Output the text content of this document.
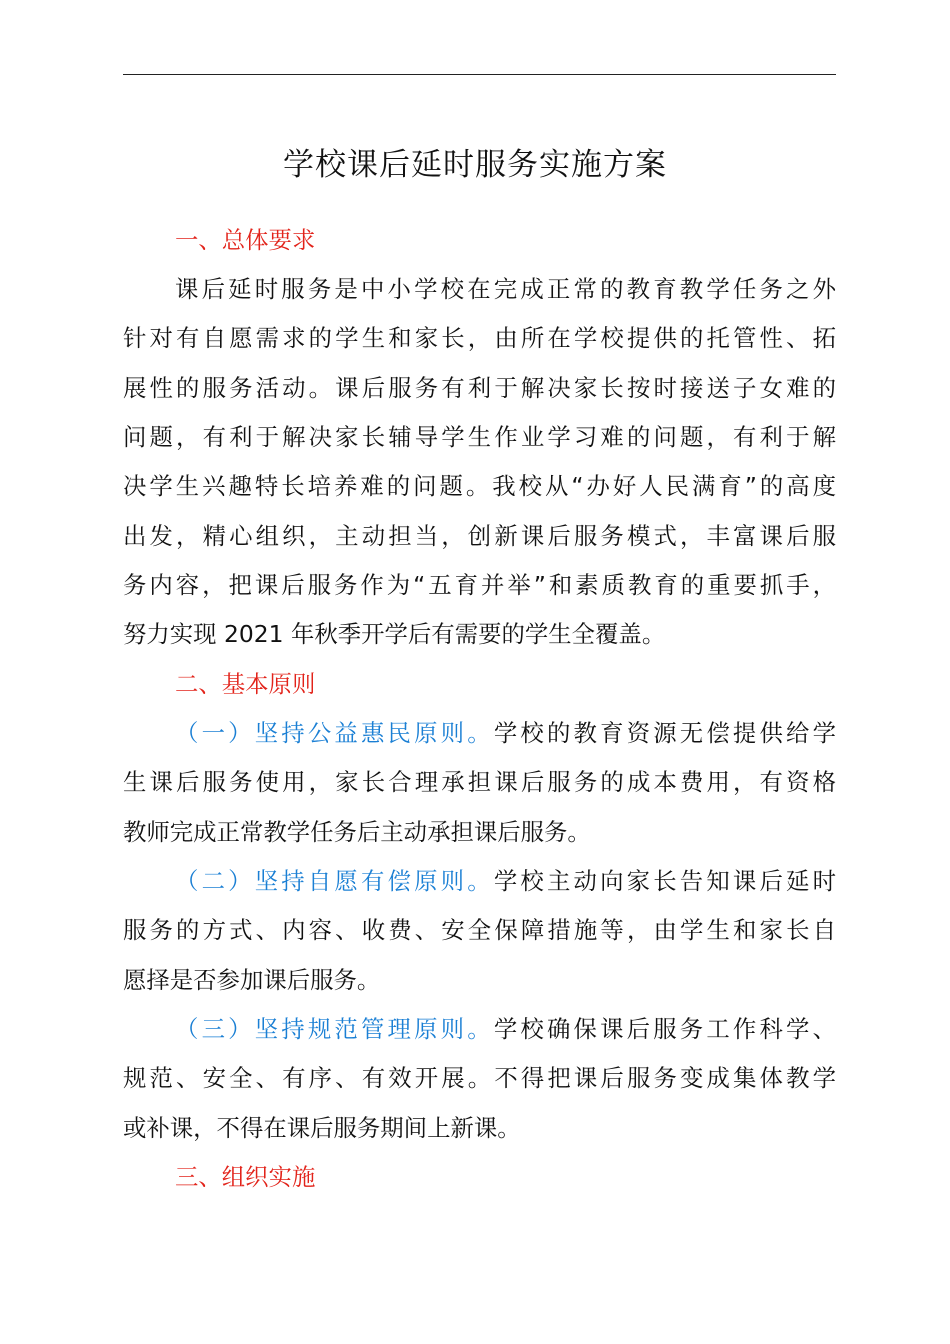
学校课后延时服务实施方案
一、总体要求
课后延时服务是中小学校在完成正常的教育教学任务之外
针对有自愿需求的学生和家长，由所在学校提供的托管性、拓
展性的服务活动。课后服务有利于解决家长按时接送子女难的
问题，有利于解决家长辅导学生作业学习难的问题，有利于解
决学生兴趣特长培养难的问题。我校从“办好人民满育”的高度
出发，精心组织，主动担当，创新课后服务模式，丰富课后服
务内容，把课后服务作为“五育并举”和素质教育的重要抓手，
努力实现 2021 年秋季开学后有需要的学生全覆盖。
二、基本原则
（一）坚持公益惠民原则。学校的教育资源无偿提供给学
生课后服务使用，家长合理承担课后服务的成本费用，有资格
教师完成正常教学任务后主动承担课后服务。
（二）坚持自愿有偿原则。学校主动向家长告知课后延时
服务的方式、内容、收费、安全保障措施等，由学生和家长自
愿择是否参加课后服务。
（三）坚持规范管理原则。学校确保课后服务工作科学、
规范、安全、有序、有效开展。不得把课后服务变成集体教学
或补课，不得在课后服务期间上新课。
三、组织实施
